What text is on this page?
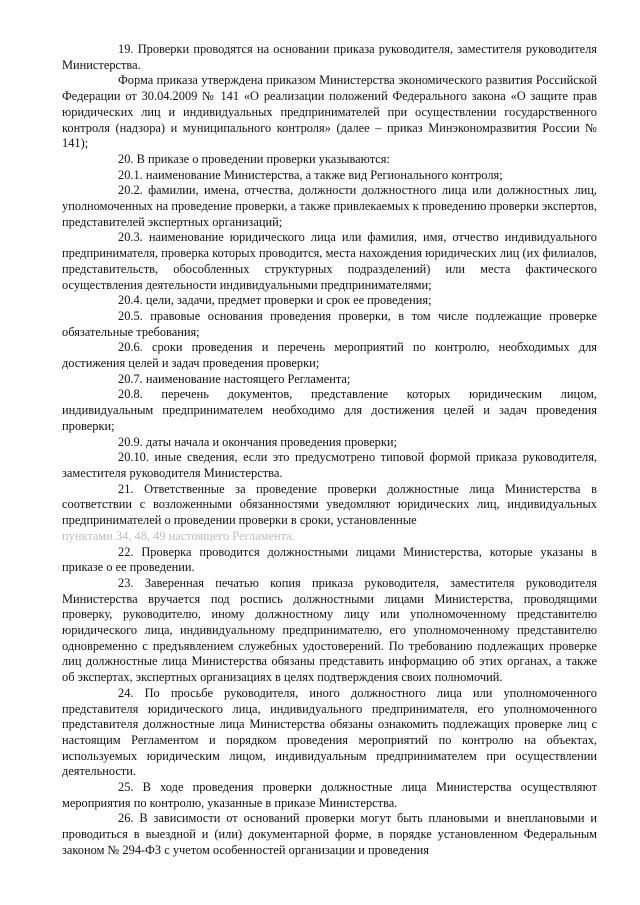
19. Проверки проводятся на основании приказа руководителя, заместителя руководителя Министерства.

Форма приказа утверждена приказом Министерства экономического развития Российской Федерации от 30.04.2009 № 141 «О реализации положений Федерального закона «О защите прав юридических лиц и индивидуальных предпринимателей при осуществлении государственного контроля (надзора) и муниципального контроля» (далее – приказ Минэкономразвития России № 141);

20. В приказе о проведении проверки указываются:

20.1. наименование Министерства, а также вид Регионального контроля;

20.2. фамилии, имена, отчества, должности должностного лица или должностных лиц, уполномоченных на проведение проверки, а также привлекаемых к проведению проверки экспертов, представителей экспертных организаций;

20.3. наименование юридического лица или фамилия, имя, отчество индивидуального предпринимателя, проверка которых проводится, места нахождения юридических лиц (их филиалов, представительств, обособленных структурных подразделений) или места фактического осуществления деятельности индивидуальными предпринимателями;

20.4. цели, задачи, предмет проверки и срок ее проведения;

20.5. правовые основания проведения проверки, в том числе подлежащие проверке обязательные требования;

20.6. сроки проведения и перечень мероприятий по контролю, необходимых для достижения целей и задач проведения проверки;

20.7. наименование настоящего Регламента;

20.8. перечень документов, представление которых юридическим лицом, индивидуальным предпринимателем необходимо для достижения целей и задач проведения проверки;

20.9. даты начала и окончания проведения проверки;

20.10. иные сведения, если это предусмотрено типовой формой приказа руководителя, заместителя руководителя Министерства.

21. Ответственные за проведение проверки должностные лица Министерства в соответствии с возложенными обязанностями уведомляют юридических лиц, индивидуальных предпринимателей о проведении проверки в сроки, установленные

пунктами 34, 48, 49 настоящего Регламента.

22. Проверка проводится должностными лицами Министерства, которые указаны в приказе о ее проведении.

23. Заверенная печатью копия приказа руководителя, заместителя руководителя Министерства вручается под роспись должностными лицами Министерства, проводящими проверку, руководителю, иному должностному лицу или уполномоченному представителю юридического лица, индивидуальному предпринимателю, его уполномоченному представителю одновременно с предъявлением служебных удостоверений. По требованию подлежащих проверке лиц должностные лица Министерства обязаны представить информацию об этих органах, а также об экспертах, экспертных организациях в целях подтверждения своих полномочий.

24. По просьбе руководителя, иного должностного лица или уполномоченного представителя юридического лица, индивидуального предпринимателя, его уполномоченного представителя должностные лица Министерства обязаны ознакомить подлежащих проверке лиц с настоящим Регламентом и порядком проведения мероприятий по контролю на объектах, используемых юридическим лицом, индивидуальным предпринимателем при осуществлении деятельности.

25. В ходе проведения проверки должностные лица Министерства осуществляют мероприятия по контролю, указанные в приказе Министерства.

26. В зависимости от оснований проверки могут быть плановыми и внеплановыми и проводиться в выездной и (или) документарной форме, в порядке установленном Федеральным законом № 294-ФЗ с учетом особенностей организации и проведения
